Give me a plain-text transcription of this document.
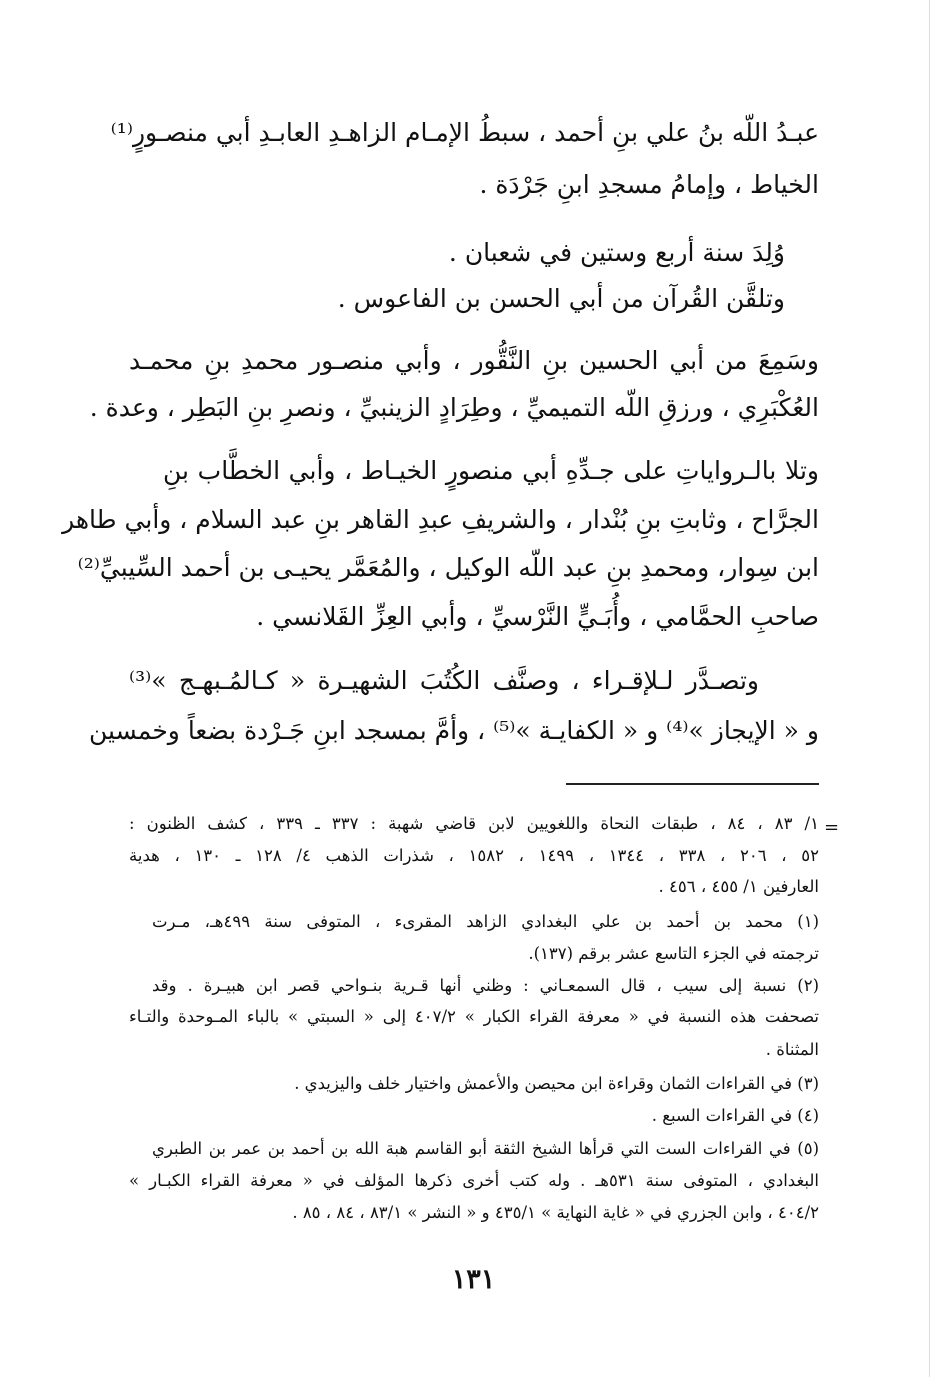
عبـدُ اللّه بنُ علي بنِ أحمد ، سبطُ الإمـام الزاهـدِ العابـدِ أبي منصـورٍ⁽¹⁾
الخياط ، وإمامُ مسجدِ ابنِ جَرْدَة .
وُلِدَ سنة أربع وستين في شعبان .
وتلقَّن القُرآن من أبي الحسن بن الفاعوس .
وسَمِعَ من أبي الحسين بنِ النَّقُّور ، وأبي منصـور محمدِ بنِ محمـد
العُكْبَرِي ، ورزقِ اللّه التميميِّ ، وطِرَادٍ الزينبيِّ ، ونصرِ بنِ البَطِر ، وعدة .
وتلا بالـرواياتِ على جـدِّهِ أبي منصورٍ الخيـاط ، وأبي الخطَّاب بنِ
الجرَّاح ، وثابتِ بنِ بُنْدار ، والشريفِ عبدِ القاهر بنِ عبد السلام ، وأبي طاهر
ابن سِوار، ومحمدِ بنِ عبد اللّه الوكيل ، والمُعَمَّر يحيـى بن أحمد السِّيبيِّ⁽²⁾
صاحبِ الحمَّامي ، وأُبَـيٍّ النَّرْسيِّ ، وأبي العِزِّ القَلانسي .
وتصـدَّر لـلإقـراء ، وصنَّف الكُتُبَ الشهيـرة « كـالمُـبهـج »⁽³⁾
و « الإيجاز »⁽⁴⁾ و « الكفايـة »⁽⁵⁾ ، وأمَّ بمسجد ابنِ جَـرْدة بضعاً وخمسين
=
١/ ٨٣ ، ٨٤ ، طبقات النحاة واللغويين لابن قاضي شهبة : ٣٣٧ ـ ٣٣٩ ، كشف الظنون :
٥٢ ، ٢٠٦ ، ٣٣٨ ، ١٣٤٤ ، ١٤٩٩ ، ١٥٨٢ ، شذرات الذهب ٤/ ١٢٨ ـ ١٣٠ ، هدية
العارفين ١/ ٤٥٥ ، ٤٥٦ .
(١) محمد بن أحمد بن علي البغدادي الزاهد المقرىء ، المتوفى سنة ٤٩٩هـ، مـرت
ترجمته في الجزء التاسع عشر برقم (١٣٧).
(٢) نسبة إلى سيب ، قال السمعـاني : وظني أنها قـرية بنـواحي قصر ابن هبيـرة . وقد
تصحفت هذه النسبة في « معرفة القراء الكبار » ٤٠٧/٢ إلى « السبتي » بالباء المـوحدة والتـاء
المثناة .
(٣) في القراءات الثمان وقراءة ابن محيصن والأعمش واختيار خلف واليزيدي .
(٤) في القراءات السبع .
(٥) في القراءات الست التي قرأها الشيخ الثقة أبو القاسم هبة الله بن أحمد بن عمر بن الطبري
البغدادي ، المتوفى سنة ٥٣١هـ . وله كتب أخرى ذكرها المؤلف في « معرفة القراء الكبـار »
٤٠٤/٢ ، وابن الجزري في « غاية النهاية » ٤٣٥/١ و « النشر » ٨٣/١ ، ٨٤ ، ٨٥ .
١٣١
